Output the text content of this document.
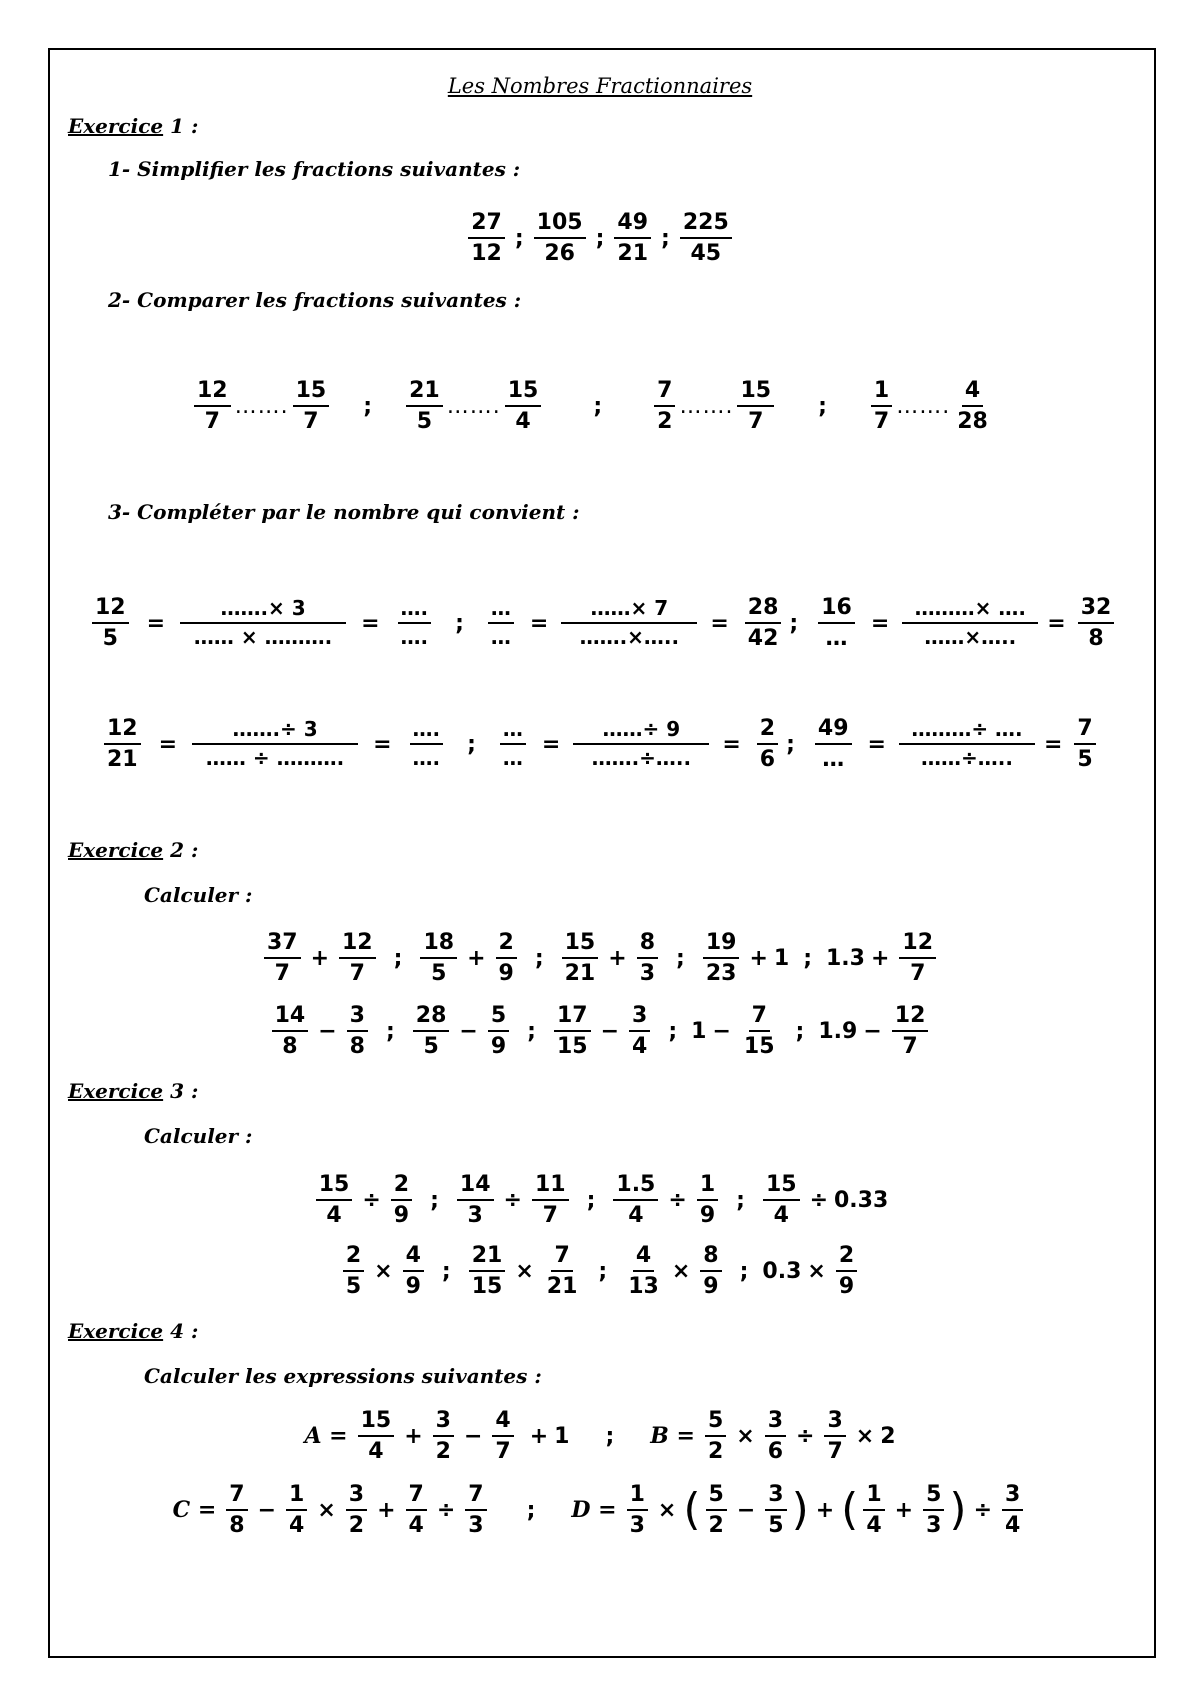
Les Nombres Fractionnaires
Exercice 1 :
1- Simplifier les fractions suivantes :
$\frac{27}{12}$ ; $\frac{105}{26}$ ; $\frac{49}{21}$ ; $\frac{225}{45}$
2- Comparer les fractions suivantes :
$\frac{12}{7}$ ……. $\frac{15}{7}$ ; $\frac{21}{5}$ ……. $\frac{15}{4}$ ; $\frac{7}{2}$ ……. $\frac{15}{7}$ ; $\frac{1}{7}$ ……. $\frac{4}{28}$
3- Compléter par le nombre qui convient :
$\frac{12}{5} = \frac{\dots\dots.\times 3}{\dots\dots \times \dots\dots\dots.} = \frac{\dots.}{\dots.}$ ; $\frac{\dots}{\dots} = \frac{\dots\dots\times 7}{\dots\dots.\times\dots..} = \frac{28}{42}$ ; $\frac{16}{\dots} = \frac{\dots\dots\dots\times \dots.}{\dots\dots\times\dots..} = \frac{32}{8}$
$\frac{12}{21} = \frac{\dots\dots.\div 3}{\dots\dots \div \dots\dots\dots.} = \frac{\dots.}{\dots.}$ ; $\frac{\dots}{\dots} = \frac{\dots\dots\div 9}{\dots\dots.\div\dots..} = \frac{2}{6}$ ; $\frac{49}{\dots} = \frac{\dots\dots\dots\div \dots.}{\dots\dots\div\dots..} = \frac{7}{5}$
Exercice 2 :
Calculer :
$\frac{37}{7} + \frac{12}{7}$ ; $\frac{18}{5} + \frac{2}{9}$ ; $\frac{15}{21} + \frac{8}{3}$ ; $\frac{19}{23} + 1$ ; $1.3 + \frac{12}{7}$
$\frac{14}{8} - \frac{3}{8}$ ; $\frac{28}{5} - \frac{5}{9}$ ; $\frac{17}{15} - \frac{3}{4}$ ; $1 - \frac{7}{15}$ ; $1.9 - \frac{12}{7}$
Exercice 3 :
Calculer :
$\frac{15}{4} \div \frac{2}{9}$ ; $\frac{14}{3} \div \frac{11}{7}$ ; $\frac{1.5}{4} \div \frac{1}{9}$ ; $\frac{15}{4} \div 0.33$
$\frac{2}{5} \times \frac{4}{9}$ ; $\frac{21}{15} \times \frac{7}{21}$ ; $\frac{4}{13} \times \frac{8}{9}$ ; $0.3 \times \frac{2}{9}$
Exercice 4 :
Calculer les expressions suivantes :
$A = \frac{15}{4} + \frac{3}{2} - \frac{4}{7} + 1$ ; $B = \frac{5}{2} \times \frac{3}{6} \div \frac{3}{7} \times 2$
$C = \frac{7}{8} - \frac{1}{4} \times \frac{3}{2} + \frac{7}{4} \div \frac{7}{3}$ ; $D = \frac{1}{3}$ × ( $\frac{5}{2} - \frac{3}{5}$ ) + ( $\frac{1}{4} + \frac{5}{3}$ ) ÷ $\frac{3}{4}$
